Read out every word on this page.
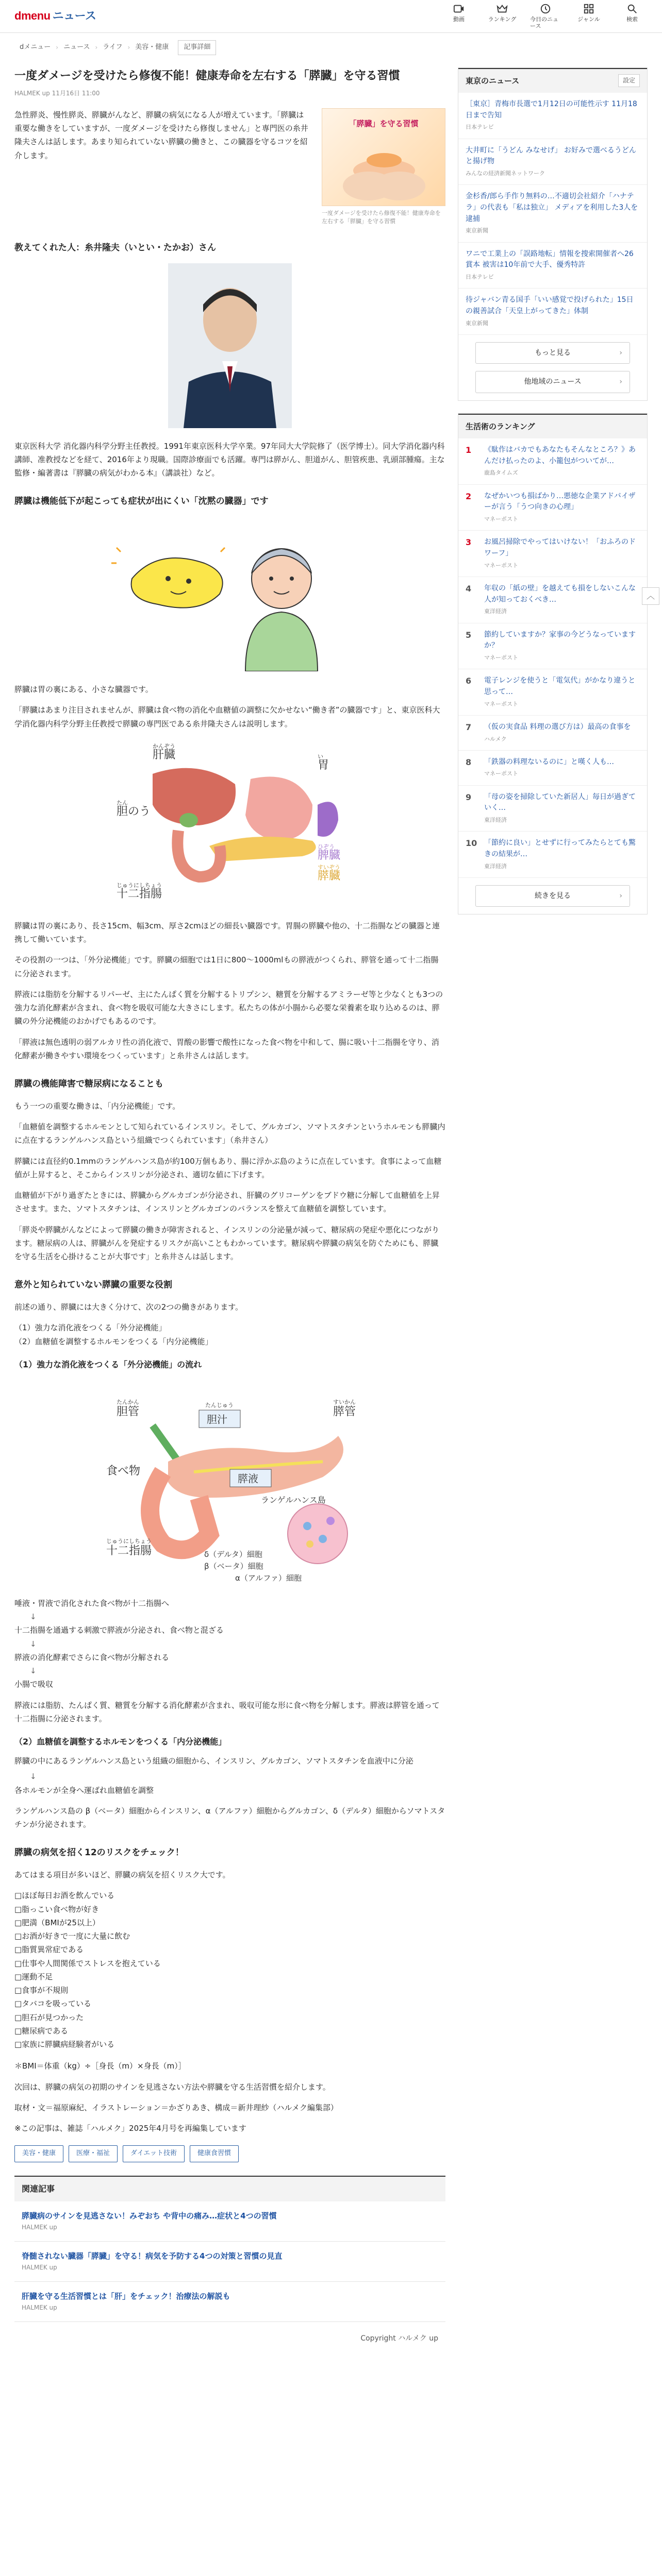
dmenu ニュース	動画	ランキング 今日のニュース
ジャンル	検索
dメニュー › ニュース › ライフ › 美容・健康	記事詳細
一度ダメージを受けたら修復不能！健康寿命を左右する「膵臓」を守る習慣
HALMEK up 11月16日 11:00

急性膵炎、慢性膵炎、膵臓がんなど、膵臓の病気になる人が増えています。「膵臓は重要な働きをしていますが、一度ダメージを受けたら修復しません」と専門医の糸井隆夫さんは話します。あまり知られていない膵臓の働きと、この臓器を守るコツを紹介します。

「膵臓」を守る習慣
一度ダメージを受けたら修復不能！健康寿命を左右する「膵臓」を守る習慣
教えてくれた人：糸井隆夫（いとい・たかお）さん

東京医科大学 消化器内科学分野主任教授。1991年東京医科大学卒業。97年同大大学院修了（医学博士）。同大学消化器内科講師、准教授などを経て、2016年より現職。国際診療面でも活躍。専門は膵がん、胆道がん、胆管疾患、乳頭部腫瘍。主な監修・編著書は『膵臓の病気がわかる本』（講談社）など。

膵臓は機能低下が起こっても症状が出にくい「沈黙の臓器」です

膵臓は胃の裏にある、小さな臓器です。

「膵臓はあまり注目されませんが、膵臓は食べ物の消化や血糖値の調整に欠かせない“働き者”の臓器です」と、東京医科大学消化器内科学分野主任教授で膵臓の専門医である糸井隆夫さんは説明します。

肝臓
かんぞう
胆のう
たん
胃
い
脾臓
ひぞう
膵臓
すいぞう
十二指腸
じゅうにしちょう

膵臓は胃の裏にあり、長さ15cm、幅3cm、厚さ2cmほどの細長い臓器です。胃腸の膵臓や他の、十二指腸などの臓器と連携して働いています。

その役割の一つは、「外分泌機能」です。膵臓の細胞では1日に800〜1000mlもの膵液がつくられ、膵管を通って十二指腸に分泌されます。

膵液には脂肪を分解するリパーゼ、主にたんぱく質を分解するトリプシン、糖質を分解するアミラーゼ等と少なくとも3つの強力な消化酵素が含まれ、食べ物を吸収可能な大きさにします。私たちの体が小腸から必要な栄養素を取り込めるのは、膵臓の外分泌機能のおかげでもあるのです。

「膵液は無色透明の弱アルカリ性の消化液で、胃酸の影響で酸性になった食べ物を中和して、腸に吸い十二指腸を守り、消化酵素が働きやすい環境をつくっています」と糸井さんは話します。

膵臓の機能障害で糖尿病になることも

もう一つの重要な働きは、「内分泌機能」です。

「血糖値を調整するホルモンとして知られているインスリン。そして、グルカゴン、ソマトスタチンというホルモンも膵臓内に点在するランゲルハンス島という組織でつくられています」（糸井さん）

膵臓には直径約0.1mmのランゲルハンス島が約100万個もあり、腸に浮かぶ島のように点在しています。食事によって血糖値が上昇すると、そこからインスリンが分泌され、適切な値に下げます。

血糖値が下がり過ぎたときには、膵臓からグルカゴンが分泌され、肝臓のグリコーゲンをブドウ糖に分解して血糖値を上昇させます。また、ソマトスタチンは、インスリンとグルカゴンのバランスを整えて血糖値を調整しています。

「膵炎や膵臓がんなどによって膵臓の働きが障害されると、インスリンの分泌量が減って、糖尿病の発症や悪化につながります。糖尿病の人は、膵臓がんを発症するリスクが高いこともわかっています。糖尿病や膵臓の病気を防ぐためにも、膵臓を守る生活を心掛けることが大事です」と糸井さんは話します。

意外と知られていない膵臓の重要な役割

前述の通り、膵臓には大きく分けて、次の2つの働きがあります。

（1）強力な消化液をつくる「外分泌機能」
（2）血糖値を調整するホルモンをつくる「内分泌機能」
（1）強力な消化液をつくる「外分泌機能」の流れ
胆管
たんかん
胆汁
たんじゅう
膵管
すいかん
食べ物
膵液
ランゲルハンス島
十二指腸
じゅうにしちょう
δ（デルタ）細胞
β（ベータ）細胞
α（アルファ）細胞
唾液・胃液で消化された食べ物が十二指腸へ
↓
十二指腸を通過する刺激で膵液が分泌され、食べ物と混ざる
↓
膵液の消化酵素でさらに食べ物が分解される
↓
小腸で吸収

膵液には脂肪、たんぱく質、糖質を分解する消化酵素が含まれ、吸収可能な形に食べ物を分解します。膵液は膵管を通って十二指腸に分泌されます。

（2）血糖値を調整するホルモンをつくる「内分泌機能」

膵臓の中にあるランゲルハンス島という組織の細胞から、インスリン、グルカゴン、ソマトスタチンを血液中に分泌

↓

各ホルモンが全身へ運ばれ血糖値を調整

ランゲルハンス島の β（ベータ）細胞からインスリン、α（アルファ）細胞からグルカゴン、δ（デルタ）細胞からソマトスタチンが分泌されます。

膵臓の病気を招く12のリスクをチェック！

あてはまる項目が多いほど、膵臓の病気を招くリスク大です。

□ほぼ毎日お酒を飲んでいる
□脂っこい食べ物が好き
□肥満（BMIが25以上）
□お酒が好きで一度に大量に飲む
□脂質異常症である
□仕事や人間関係でストレスを抱えている
□運動不足
□食事が不規則
□タバコを吸っている
□胆石が見つかった
□糖尿病である
□家族に膵臓病経験者がいる

＊BMI＝体重（kg）÷［身長（m）×身長（m）］

次回は、膵臓の病気の初期のサインを見逃さない方法や膵臓を守る生活習慣を紹介します。

取材・文＝福原麻紀、イラストレーション＝かざりあき、構成＝新井理紗（ハルメク編集部）

※この記事は、雑誌「ハルメク」2025年4月号を再編集しています

美容・健康	医療・福祉	ダイエット技術	健康食習慣
関連記事
膵臓病のサインを見逃さない！みぞおち や背中の痛み…症状と4つの習慣
HALMEK up
脊髄されない臓器「膵臓」を守る！病気を予防する4つの対策と習慣の見直
HALMEK up
肝臓を守る生活習慣とは「肝」をチェック！治療法の解説も
HALMEK up
Copyright ハルメク up
東京のニュース	設定
［東京］青梅市長選で1月12日の可能性示す 11月18日まで告知
日本テレビ
大井町に「うどん みなせげ」 お好みで選べるうどんと揚げ物
みんなの経済新聞ネットワーク
金杉香/郎ら手作り無料の…不適切会社紹介「ハナテラ」の代表も「私は独立」 メディアを利用した3人を逮捕
東京新聞
ワニで工業上の「誤路地転」情報を捜索開催者へ26賞本 被害は10年前で大手、優秀特許
日本テレビ
待ジャバン青る国手「いい感覚で投げられた」15日の親善試合「天皇上がってきた」体制
東京新聞
もっと見る ›
他地域のニュース ›
生活術のランキング
1	《駄作はバカでもあなたもそんなところ？》あんだけ払ったのよ、小籠包がついてが…
鹿島タイムズ
2	なぜかいつも損ばかり…悪徳な企業アドバイザーが言う「うつ向きの心理」
マネーポスト
3	お風呂掃除でやってはいけない！「おふろのドワーフ」
マネーポスト
4	年収の「紙の壁」を越えても損をしないこんな人が知っておくべき…
東洋経済
5	節約していますか？家事の今どうなっていますか？
マネーポスト
6	電子レンジを使うと「電気代」がかなり違うと思って…
マネーポスト
7	（仮の実食品 料理の選び方は）最高の食事を
ハルメク
8	「鉄器の料理ないるのに」と嘆く人も…
マネーポスト
9	「母の姿を掃除していた新居人」毎日が過ぎていく…
東洋経済
10 「節約に良い」とせずに行ってみたらとても驚きの結果が…
東洋経済
続きを見る ›
︿
